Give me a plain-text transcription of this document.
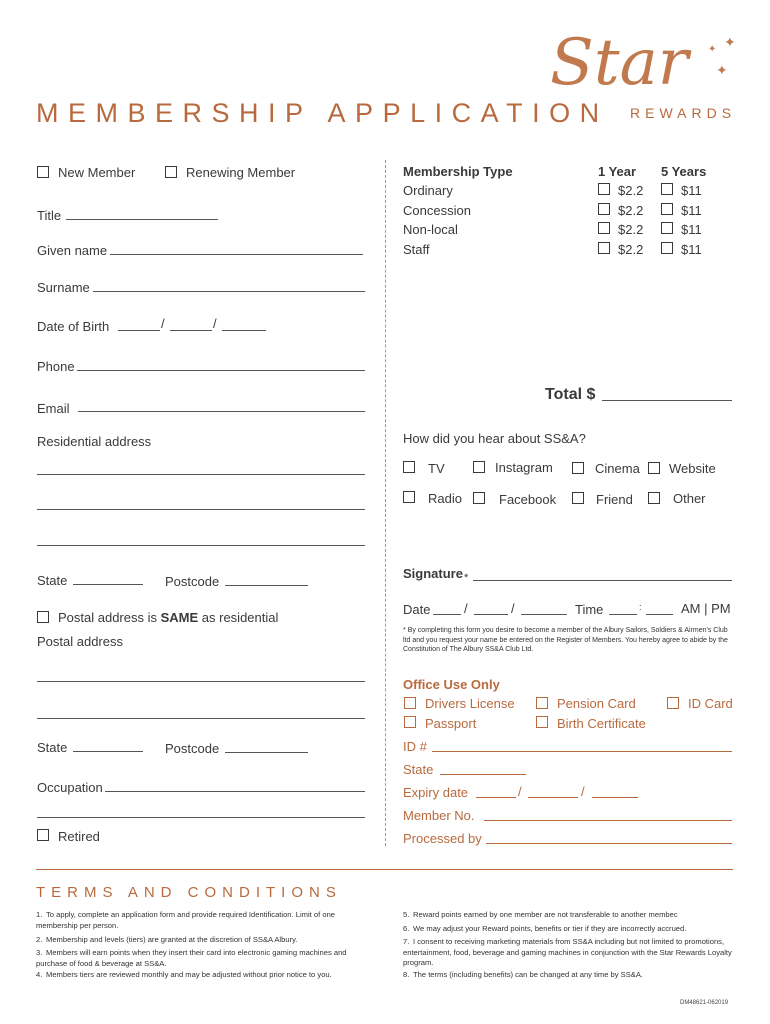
MEMBERSHIP APPLICATION
Star
REWARDS
✦
✦
✦
New Member	Renewing Member
Title
Given name
Surname
Date of Birth	/	/
Phone
Email
Residential address
State	Postcode
Postal address is SAME as residential
Postal address
State	Postcode
Occupation
Retired
Membership Type	1 Year 5 Years
Ordinary	$2.2	$11
Concession	$2.2	$11
Non-local	$2.2	$11
Staff	$2.2	$11
Total $
How did you hear about SS&A?
TV	Instagram	Cinema Website
Radio	Facebook	Friend	Other
Signature *
Date	/	/	Time	:	AM | PM
* By completing this form you desire to become a member of the Albury Sailors, Soldiers & Airmen's Club ltd and you request your name be entered on the Register of Members. You hereby agree to abide by the Constitution of The Albury SS&A Club Ltd.
Office Use Only
Drivers License	Pension Card	ID Card
Passport	Birth Certificate
ID #
State
Expiry date	/	/
Member No.
Processed by
TERMS AND CONDITIONS
1. To apply, complete an application form and provide required Identification. Limit of one membership per person.
2. Membership and levels (tiers) are granted at the discretion of SS&A Albury.
3. Members will earn points when they insert their card into electronic gaming machines and purchase of food & beverage at SS&A.
4. Members tiers are reviewed monthly and may be adjusted without prior notice to you.
5. Reward points earned by one member are not transferable to another membec
6. We may adjust your Reward points, benefits or tier if they are incorrectly accrued.
7. I consent to receiving marketing materials from SS&A including but not limited to promotions, entertainment, food, beverage and gaming machines in conjunction with the Star Rewards Loyalty program.
8. The terms (including benefits) can be changed at any time by SS&A.
DM48621-062019
